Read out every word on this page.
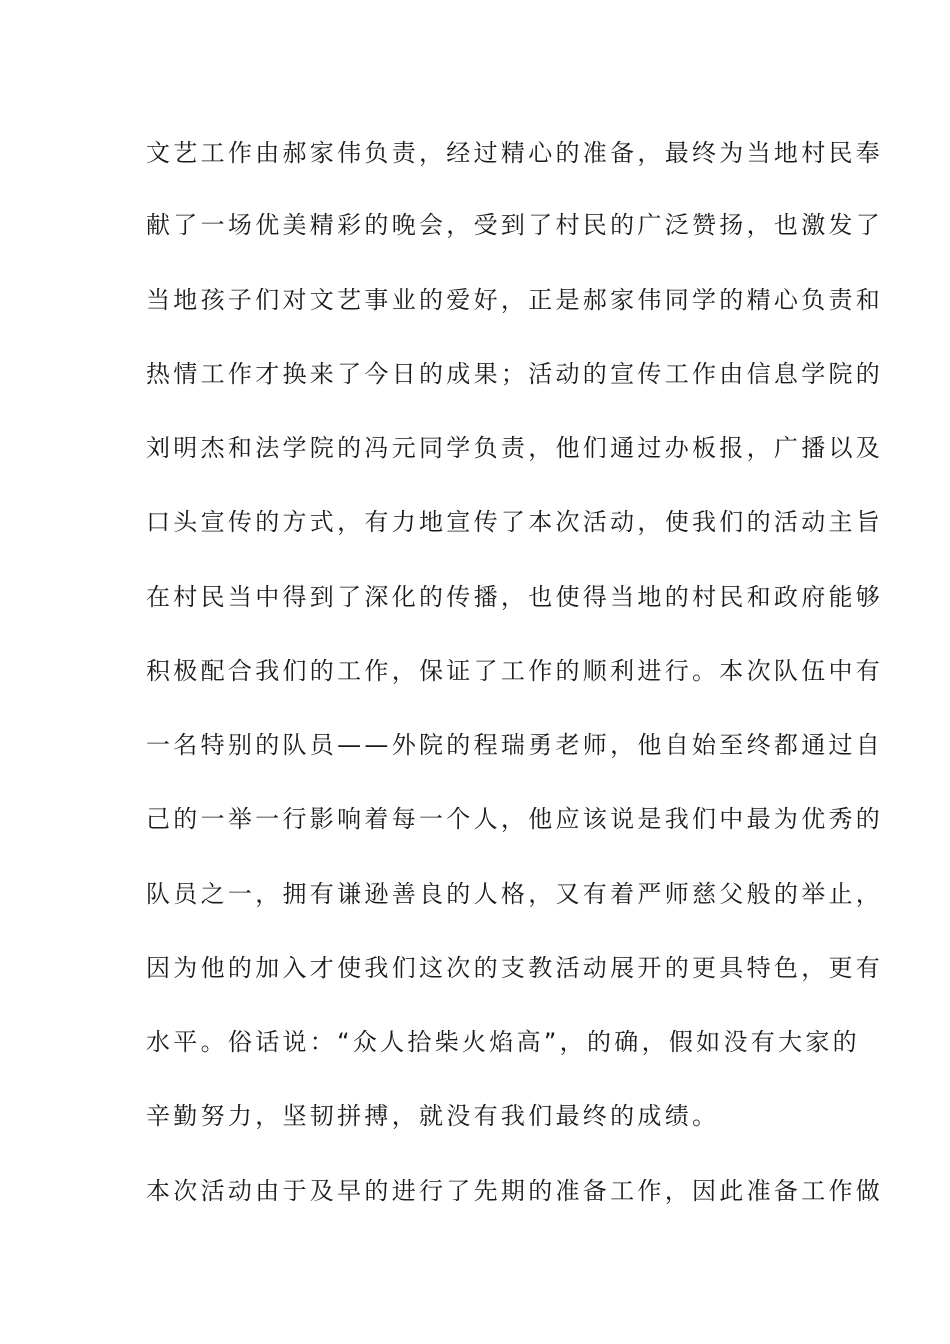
文艺工作由郝家伟负责，经过精心的准备，最终为当地村民奉
献了一场优美精彩的晚会，受到了村民的广泛赞扬，也激发了
当地孩子们对文艺事业的爱好，正是郝家伟同学的精心负责和
热情工作才换来了今日的成果；活动的宣传工作由信息学院的
刘明杰和法学院的冯元同学负责，他们通过办板报，广播以及
口头宣传的方式，有力地宣传了本次活动，使我们的活动主旨
在村民当中得到了深化的传播，也使得当地的村民和政府能够
积极配合我们的工作，保证了工作的顺利进行。本次队伍中有
一名特别的队员——外院的程瑞勇老师，他自始至终都通过自
己的一举一行影响着每一个人，他应该说是我们中最为优秀的
队员之一，拥有谦逊善良的人格，又有着严师慈父般的举止，
因为他的加入才使我们这次的支教活动展开的更具特色，更有
水平。俗话说：“众人拾柴火焰高”，的确，假如没有大家的
辛勤努力，坚韧拼搏，就没有我们最终的成绩。
本次活动由于及早的进行了先期的准备工作，因此准备工作做
